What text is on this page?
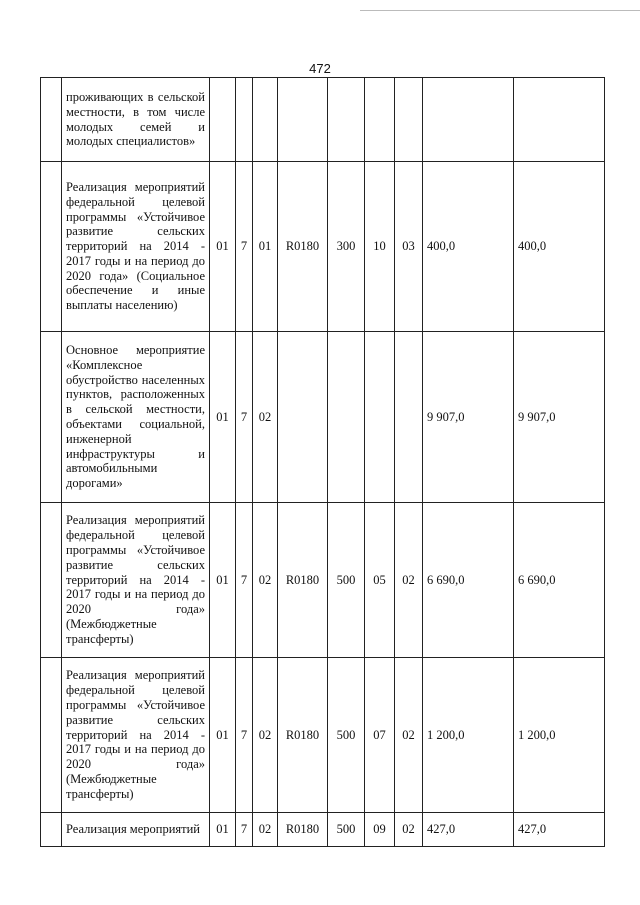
472
	проживающих в сельской местности, в том числе молодых семей и молодых специалистов»									
	Реализация мероприятий федеральной целевой программы «Устойчивое развитие сельских территорий на 2014 - 2017 годы и на период до 2020 года» (Социальное обеспечение и иные выплаты населению)	01	7	01	R0180	300	10	03	400,0	400,0
	Основное мероприятие «Комплексное обустройство населенных пунктов, расположенных в сельской местности, объектами социальной, инженерной инфраструктуры и автомобильными дорогами»	01	7	02					9 907,0	9 907,0
	Реализация мероприятий федеральной целевой программы «Устойчивое развитие сельских территорий на 2014 - 2017 годы и на период до 2020 года» (Межбюджетные трансферты)	01	7	02	R0180	500	05	02	6 690,0	6 690,0
	Реализация мероприятий федеральной целевой программы «Устойчивое развитие сельских территорий на 2014 - 2017 годы и на период до 2020 года» (Межбюджетные трансферты)	01	7	02	R0180	500	07	02	1 200,0	1 200,0
	Реализация мероприятий	01	7	02	R0180	500	09	02	427,0	427,0
